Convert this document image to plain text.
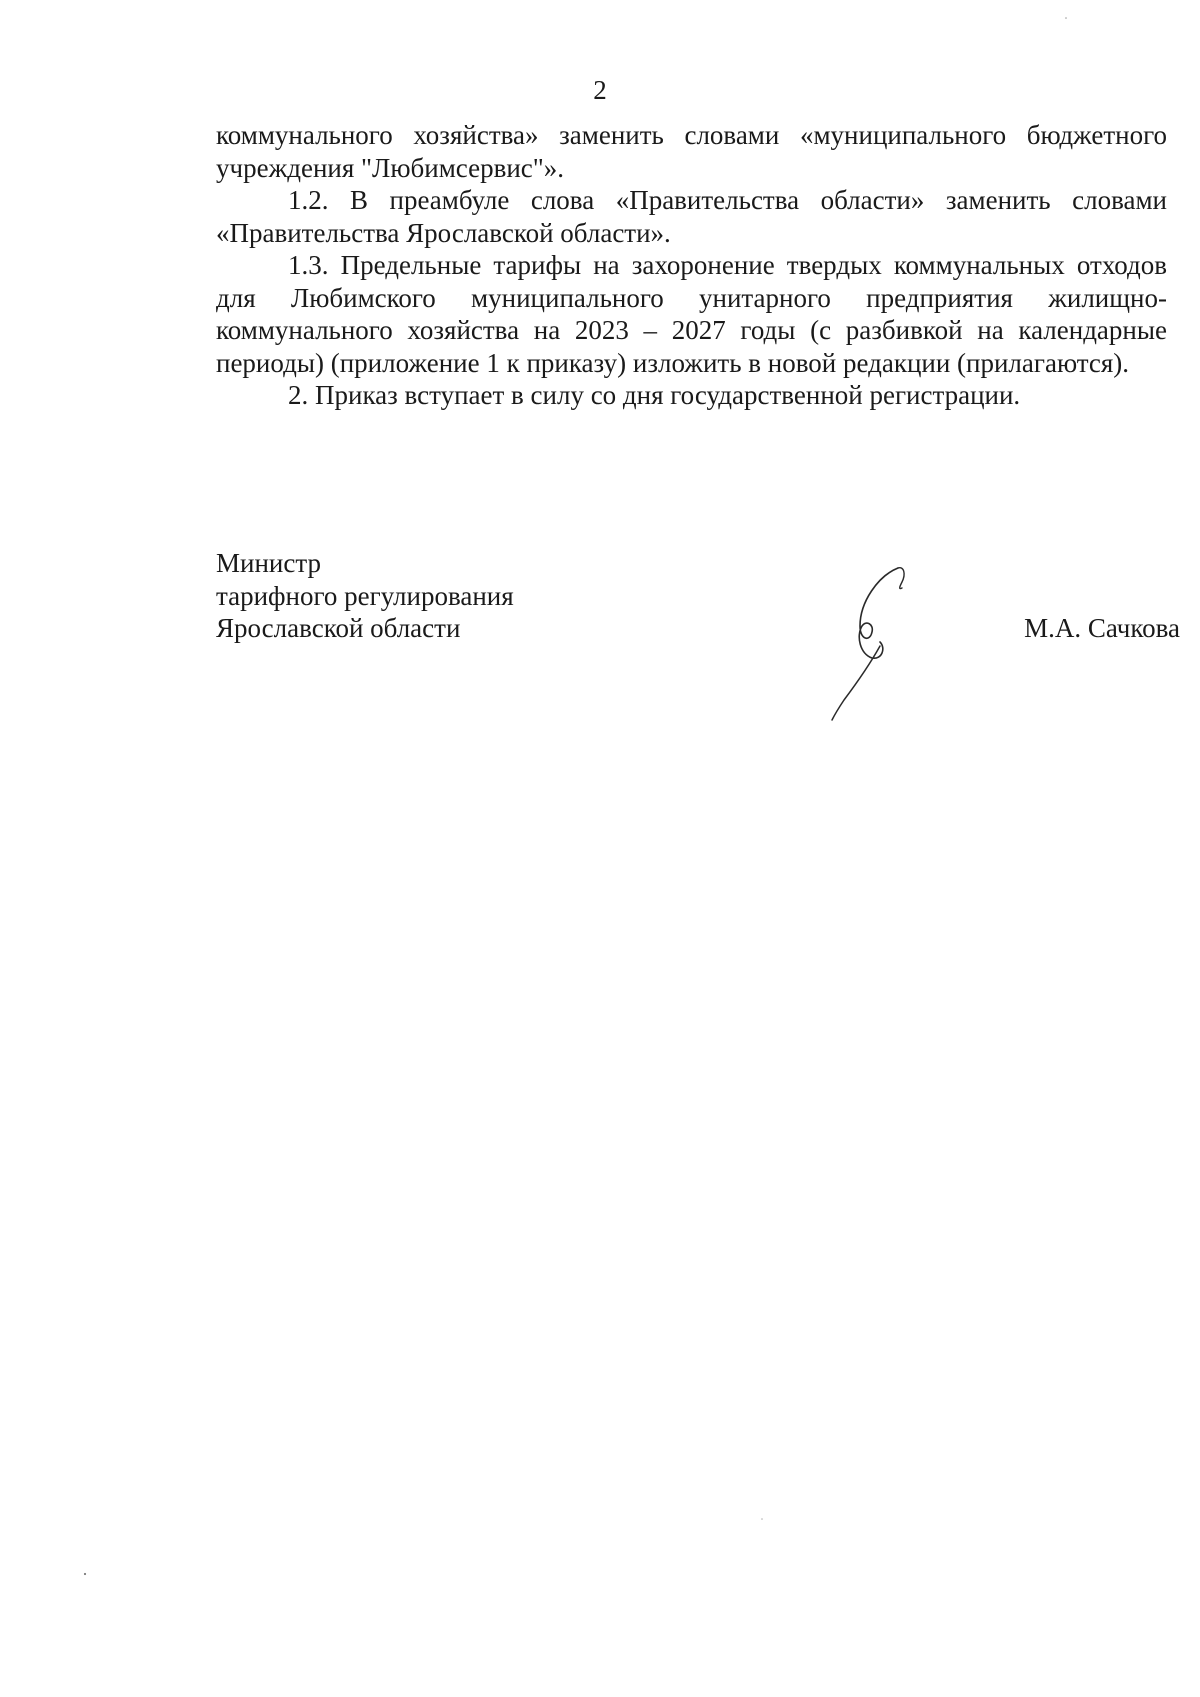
2

коммунального хозяйства» заменить словами «муниципального бюджетного учреждения "Любимсервис"».

1.2. В преамбуле слова «Правительства области» заменить словами «Правительства Ярославской области».

1.3. Предельные тарифы на захоронение твердых коммунальных отходов для Любимского муниципального унитарного предприятия жилищно-коммунального хозяйства на 2023 – 2027 годы (с разбивкой на календарные периоды) (приложение 1 к приказу) изложить в новой редакции (прилагаются).

2. Приказ вступает в силу со дня государственной регистрации.

Министр
тарифного регулирования
Ярославской области	М.А. Сачкова
